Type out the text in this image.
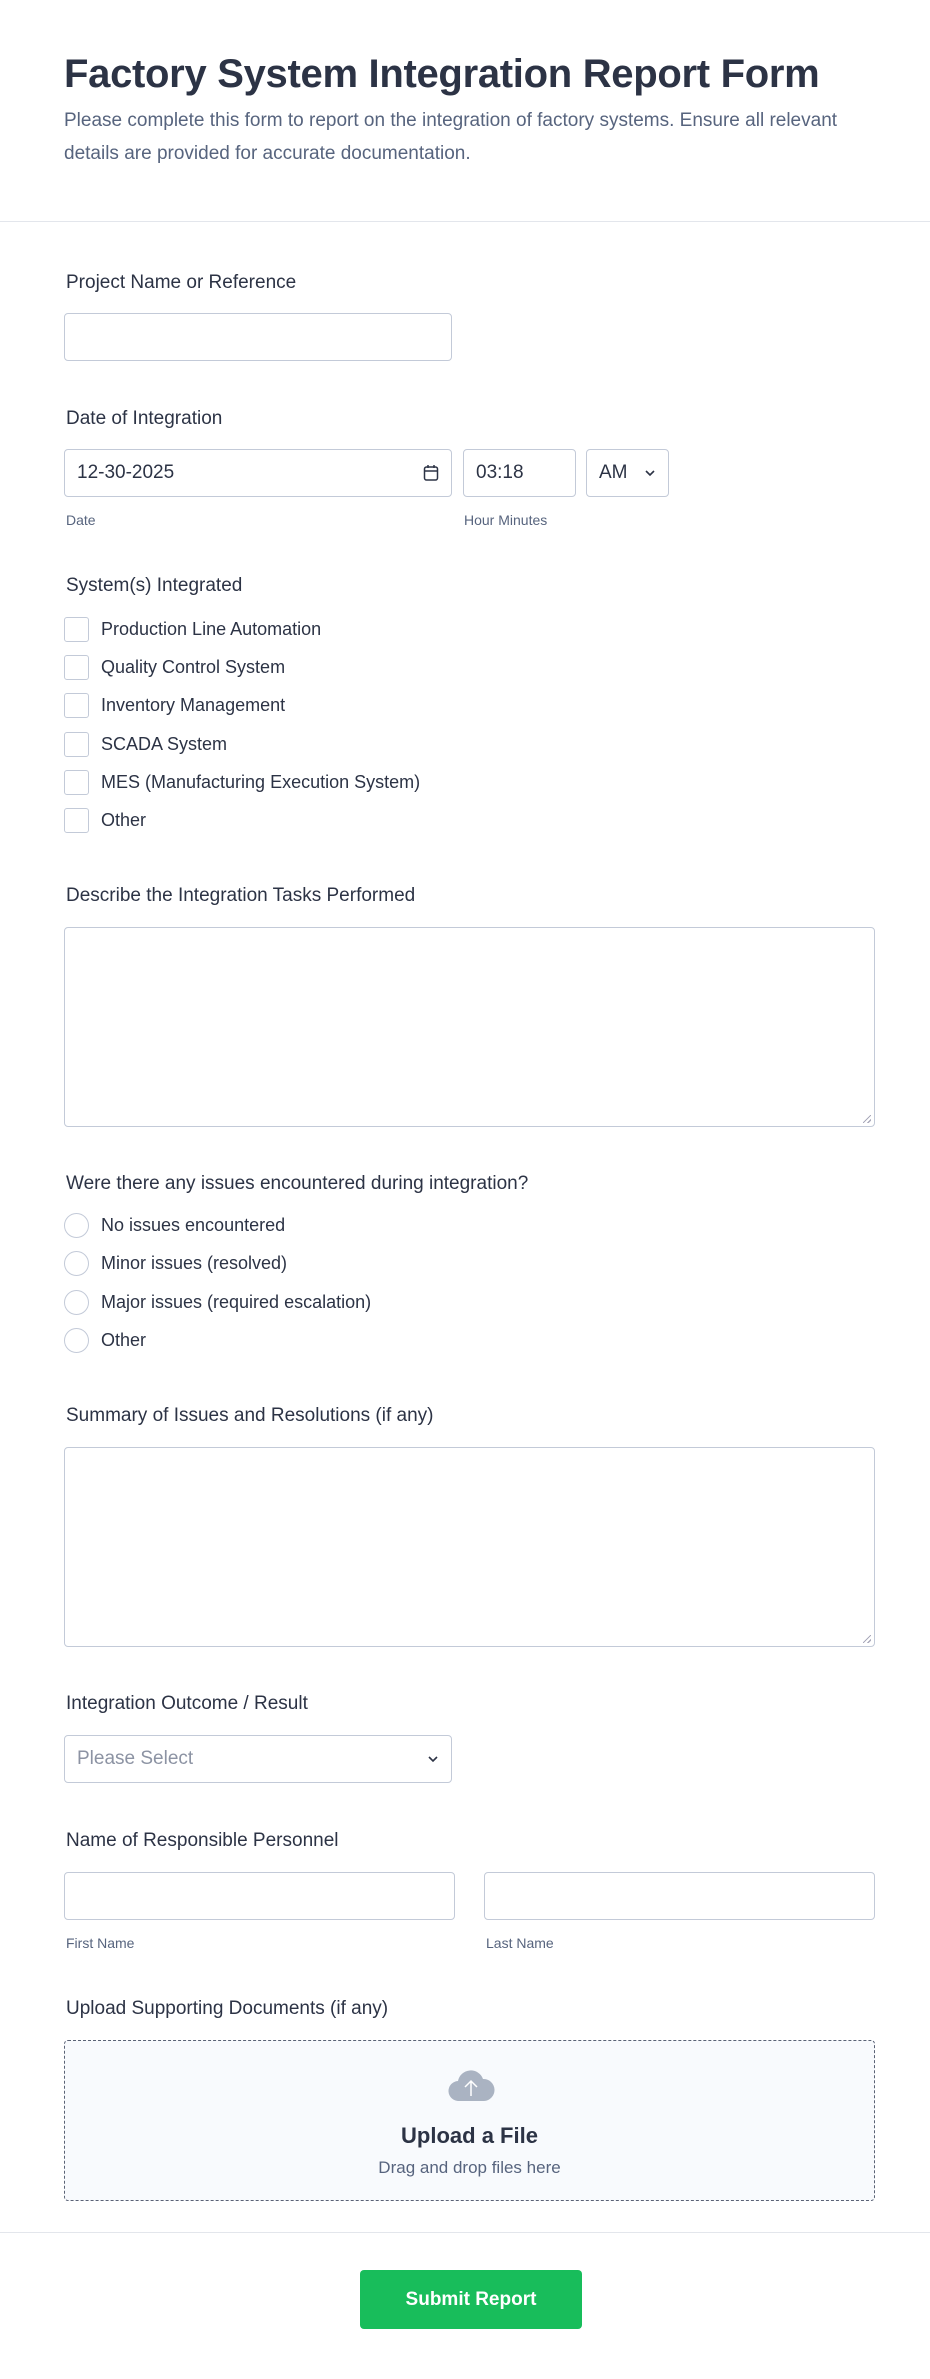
Factory System Integration Report Form

Please complete this form to report on the integration of factory systems. Ensure all relevant details are provided for accurate documentation.

Project Name or Reference
Date of Integration
12-30-2025	03:18	AM
Date	Hour Minutes
System(s) Integrated
Production Line Automation
Quality Control System
Inventory Management
SCADA System
MES (Manufacturing Execution System)
Other
Describe the Integration Tasks Performed
Were there any issues encountered during integration?
No issues encountered
Minor issues (resolved)
Major issues (required escalation)
Other
Summary of Issues and Resolutions (if any)
Integration Outcome / Result
Please Select
Name of Responsible Personnel
First Name	Last Name
Upload Supporting Documents (if any)
Upload a File
Drag and drop files here
Submit Report
